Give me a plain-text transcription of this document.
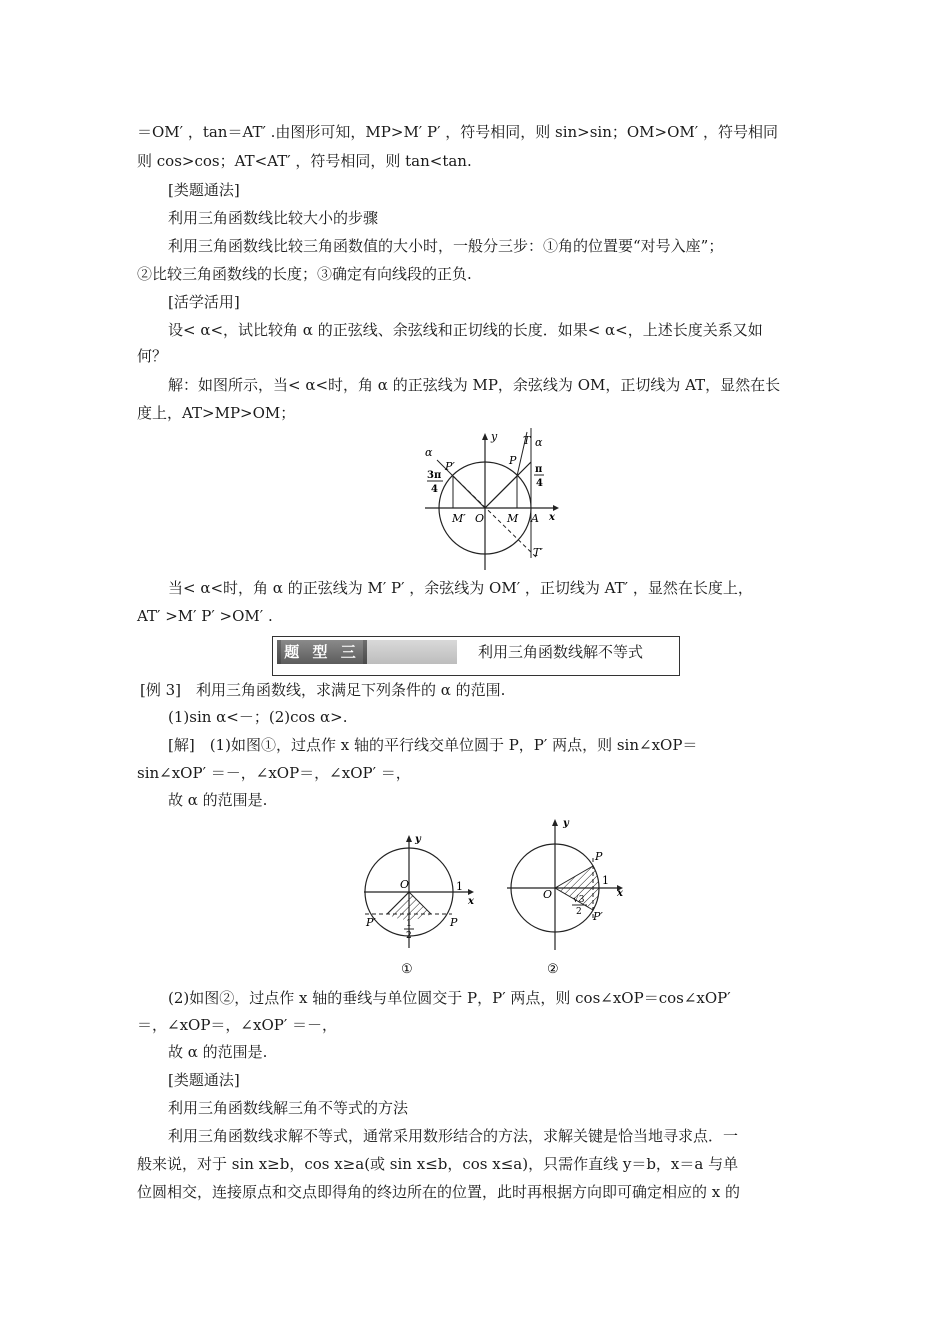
＝OM′ ，tan＝AT′ .由图形可知，MP>M′ P′ ，符号相同，则 sin>sin；OM>OM′ ，符号相同
则 cos>cos；AT<AT′ ，符号相同，则 tan<tan.
[类题通法]
利用三角函数线比较大小的步骤
利用三角函数线比较三角函数值的大小时，一般分三步：①角的位置要“对号入座”；
②比较三角函数线的长度；③确定有向线段的正负.
[活学活用]
设< α<，试比较角 α 的正弦线、余弦线和正切线的长度．如果< α<，上述长度关系又如
何？
解：如图所示，当< α<时，角 α 的正弦线为 MP，余弦线为 OM，正切线为 AT，显然在长
度上，AT>MP>OM；
α
y T α
P
P′
3 π
4
π
4
M′ O M A x
T′
当< α<时，角 α 的正弦线为 M′ P′ ，余弦线为 OM′ ，正切线为 AT′ ，显然在长度上，
AT′ >M′ P′ >OM′ .
题 型 三	利用三角函数线解不等式
[例 3]　利用三角函数线，求满足下列条件的 α 的范围.
(1)sin α<－；(2)cos α>.
[解]　(1)如图①，过点作 x 轴的平行线交单位圆于 P，P′ 两点，则 sin∠xOP＝
sin∠xOP′ ＝－，∠xOP＝，∠xOP′ ＝，
故 α 的范围是.
y
O	1
x
P′	P
1
2
①
y
P
O
1
x
√3
2 P′
②
(2)如图②，过点作 x 轴的垂线与单位圆交于 P，P′ 两点，则 cos∠xOP＝cos∠xOP′
＝，∠xOP＝，∠xOP′ ＝－，
故 α 的范围是.
[类题通法]
利用三角函数线解三角不等式的方法
利用三角函数线求解不等式，通常采用数形结合的方法，求解关键是恰当地寻求点．一
般来说，对于 sin x≥b，cos x≥a(或 sin x≤b，cos x≤a)，只需作直线 y＝b，x＝a 与单
位圆相交，连接原点和交点即得角的终边所在的位置，此时再根据方向即可确定相应的 x 的
